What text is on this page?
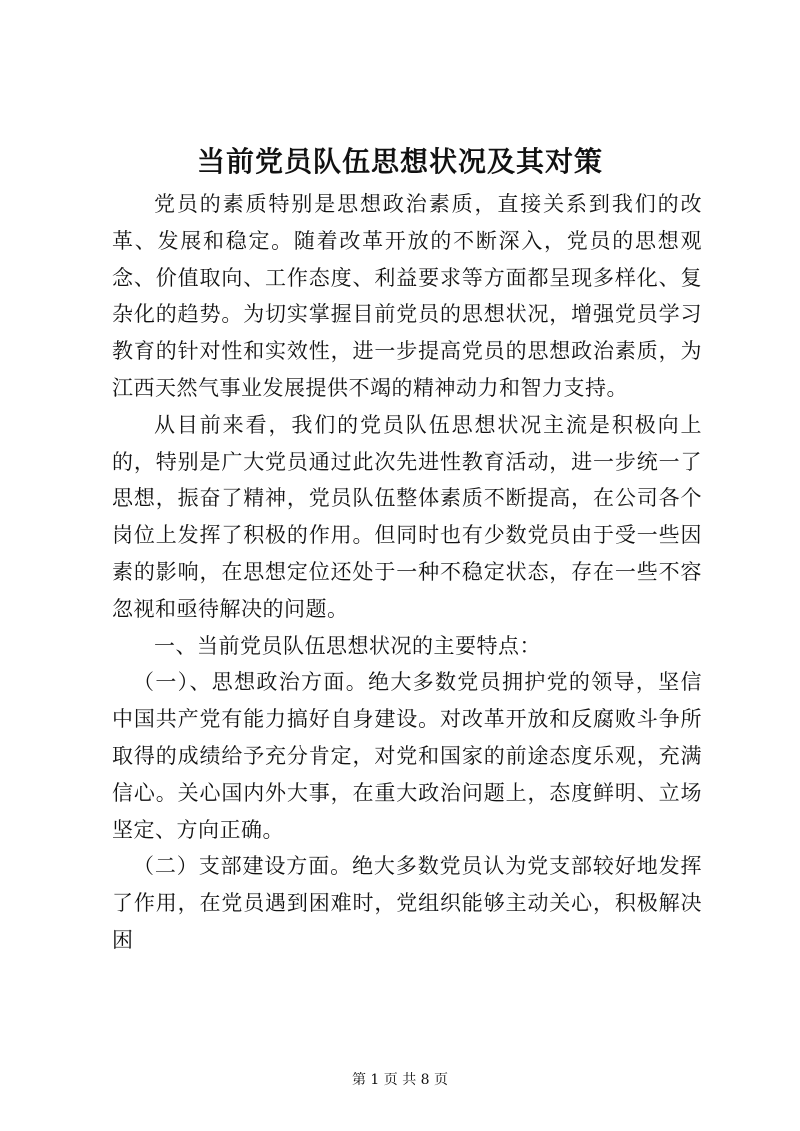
当前党员队伍思想状况及其对策

党员的素质特别是思想政治素质，直接关系到我们的改革、发展和稳定。随着改革开放的不断深入，党员的思想观念、价值取向、工作态度、利益要求等方面都呈现多样化、复杂化的趋势。为切实掌握目前党员的思想状况，增强党员学习教育的针对性和实效性，进一步提高党员的思想政治素质，为江西天然气事业发展提供不竭的精神动力和智力支持。

从目前来看，我们的党员队伍思想状况主流是积极向上的，特别是广大党员通过此次先进性教育活动，进一步统一了思想，振奋了精神，党员队伍整体素质不断提高，在公司各个岗位上发挥了积极的作用。但同时也有少数党员由于受一些因素的影响，在思想定位还处于一种不稳定状态，存在一些不容忽视和亟待解决的问题。

一、当前党员队伍思想状况的主要特点：

（一）、思想政治方面。绝大多数党员拥护党的领导，坚信中国共产党有能力搞好自身建设。对改革开放和反腐败斗争所取得的成绩给予充分肯定，对党和国家的前途态度乐观，充满信心。关心国内外大事，在重大政治问题上，态度鲜明、立场坚定、方向正确。

（二）支部建设方面。绝大多数党员认为党支部较好地发挥了作用，在党员遇到困难时，党组织能够主动关心，积极解决困

第 1 页 共 8 页
